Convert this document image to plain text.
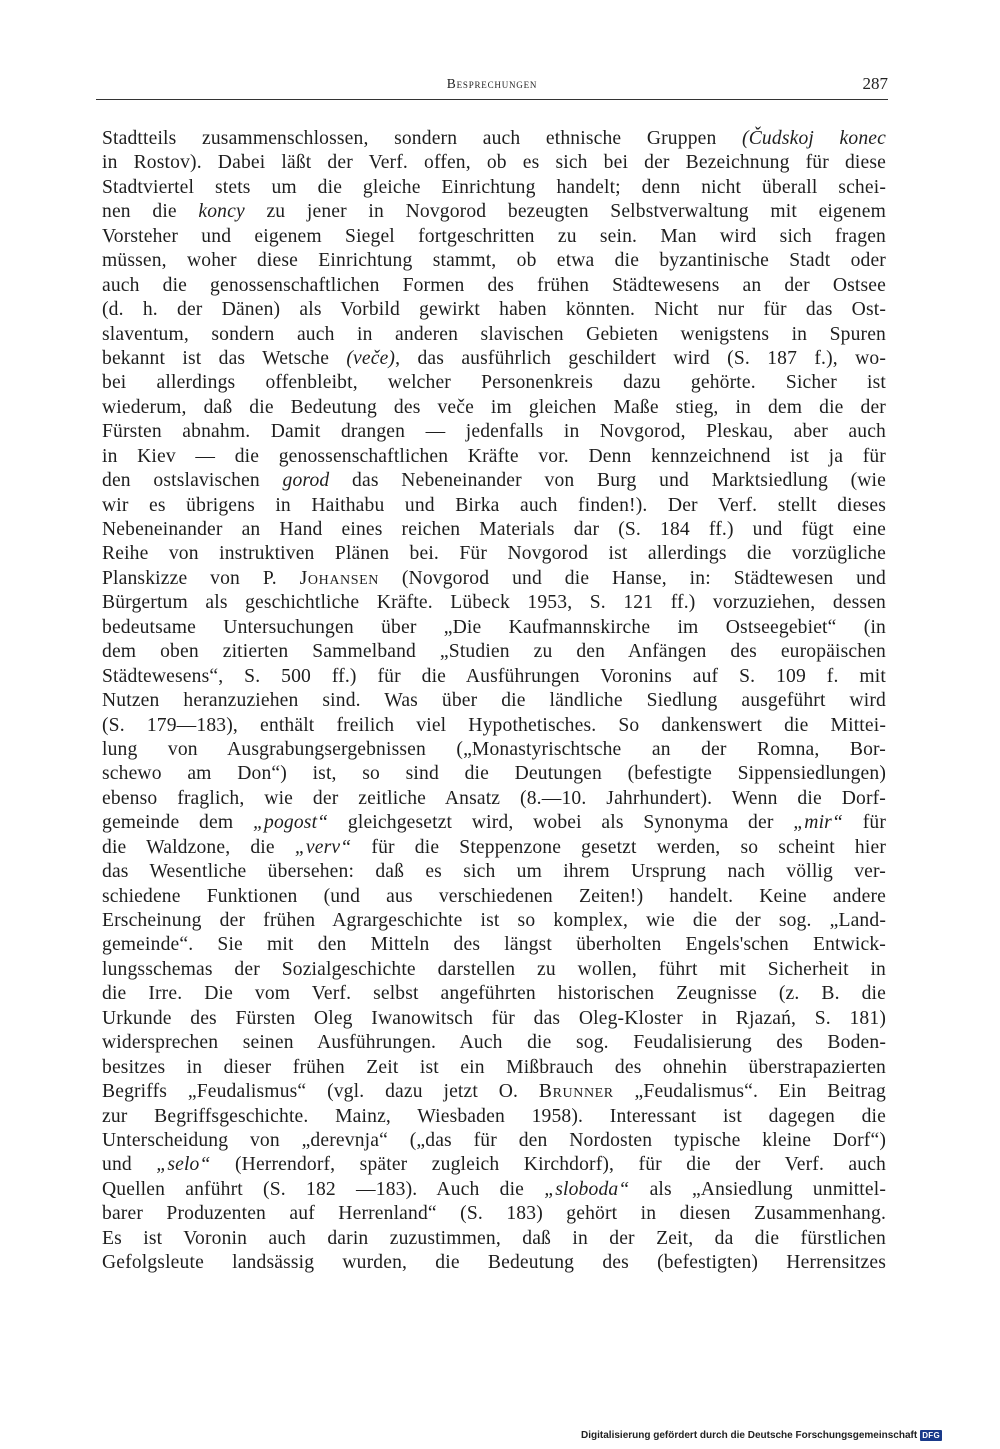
Besprechungen	287
Stadtteils zusammenschlossen, sondern auch ethnische Gruppen (Čudskoj konec
in Rostov). Dabei läßt der Verf. offen, ob es sich bei der Bezeichnung für diese
Stadtviertel stets um die gleiche Einrichtung handelt; denn nicht überall schei-
nen die koncy zu jener in Novgorod bezeugten Selbstverwaltung mit eigenem
Vorsteher und eigenem Siegel fortgeschritten zu sein. Man wird sich fragen
müssen, woher diese Einrichtung stammt, ob etwa die byzantinische Stadt oder
auch die genossenschaftlichen Formen des frühen Städtewesens an der Ostsee
(d. h. der Dänen) als Vorbild gewirkt haben könnten. Nicht nur für das Ost-
slaventum, sondern auch in anderen slavischen Gebieten wenigstens in Spuren
bekannt ist das Wetsche (veče), das ausführlich geschildert wird (S. 187 f.), wo-
bei allerdings offenbleibt, welcher Personenkreis dazu gehörte. Sicher ist
wiederum, daß die Bedeutung des veče im gleichen Maße stieg, in dem die der
Fürsten abnahm. Damit drangen — jedenfalls in Novgorod, Pleskau, aber auch
in Kiev — die genossenschaftlichen Kräfte vor. Denn kennzeichnend ist ja für
den ostslavischen gorod das Nebeneinander von Burg und Marktsiedlung (wie
wir es übrigens in Haithabu und Birka auch finden!). Der Verf. stellt dieses
Nebeneinander an Hand eines reichen Materials dar (S. 184 ff.) und fügt eine
Reihe von instruktiven Plänen bei. Für Novgorod ist allerdings die vorzügliche
Planskizze von P. Johansen (Novgorod und die Hanse, in: Städtewesen und
Bürgertum als geschichtliche Kräfte. Lübeck 1953, S. 121 ff.) vorzuziehen, dessen
bedeutsame Untersuchungen über „Die Kaufmannskirche im Ostseegebiet“ (in
dem oben zitierten Sammelband „Studien zu den Anfängen des europäischen
Städtewesens“, S. 500 ff.) für die Ausführungen Voronins auf S. 109 f. mit
Nutzen heranzuziehen sind. Was über die ländliche Siedlung ausgeführt wird
(S. 179—183), enthält freilich viel Hypothetisches. So dankenswert die Mittei-
lung von Ausgrabungsergebnissen („Monastyrischtsche an der Romna, Bor-
schewo am Don“) ist, so sind die Deutungen (befestigte Sippensiedlungen)
ebenso fraglich, wie der zeitliche Ansatz (8.—10. Jahrhundert). Wenn die Dorf-
gemeinde dem „pogost“ gleichgesetzt wird, wobei als Synonyma der „mir“ für
die Waldzone, die „verv“ für die Steppenzone gesetzt werden, so scheint hier
das Wesentliche übersehen: daß es sich um ihrem Ursprung nach völlig ver-
schiedene Funktionen (und aus verschiedenen Zeiten!) handelt. Keine andere
Erscheinung der frühen Agrargeschichte ist so komplex, wie die der sog. „Land-
gemeinde“. Sie mit den Mitteln des längst überholten Engels'schen Entwick-
lungsschemas der Sozialgeschichte darstellen zu wollen, führt mit Sicherheit in
die Irre. Die vom Verf. selbst angeführten historischen Zeugnisse (z. B. die
Urkunde des Fürsten Oleg Iwanowitsch für das Oleg-Kloster in Rjazań, S. 181)
widersprechen seinen Ausführungen. Auch die sog. Feudalisierung des Boden-
besitzes in dieser frühen Zeit ist ein Mißbrauch des ohnehin überstrapazierten
Begriffs „Feudalismus“ (vgl. dazu jetzt O. Brunner „Feudalismus“. Ein Beitrag
zur Begriffsgeschichte. Mainz, Wiesbaden 1958). Interessant ist dagegen die
Unterscheidung von „derevnja“ („das für den Nordosten typische kleine Dorf“)
und „selo“ (Herrendorf, später zugleich Kirchdorf), für die der Verf. auch
Quellen anführt (S. 182 —183). Auch die „sloboda“ als „Ansiedlung unmittel-
barer Produzenten auf Herrenland“ (S. 183) gehört in diesen Zusammenhang.
Es ist Voronin auch darin zuzustimmen, daß in der Zeit, da die fürstlichen
Gefolgsleute landsässig wurden, die Bedeutung des (befestigten) Herrensitzes
Digitalisierung gefördert durch die Deutsche Forschungsgemeinschaft DFG
